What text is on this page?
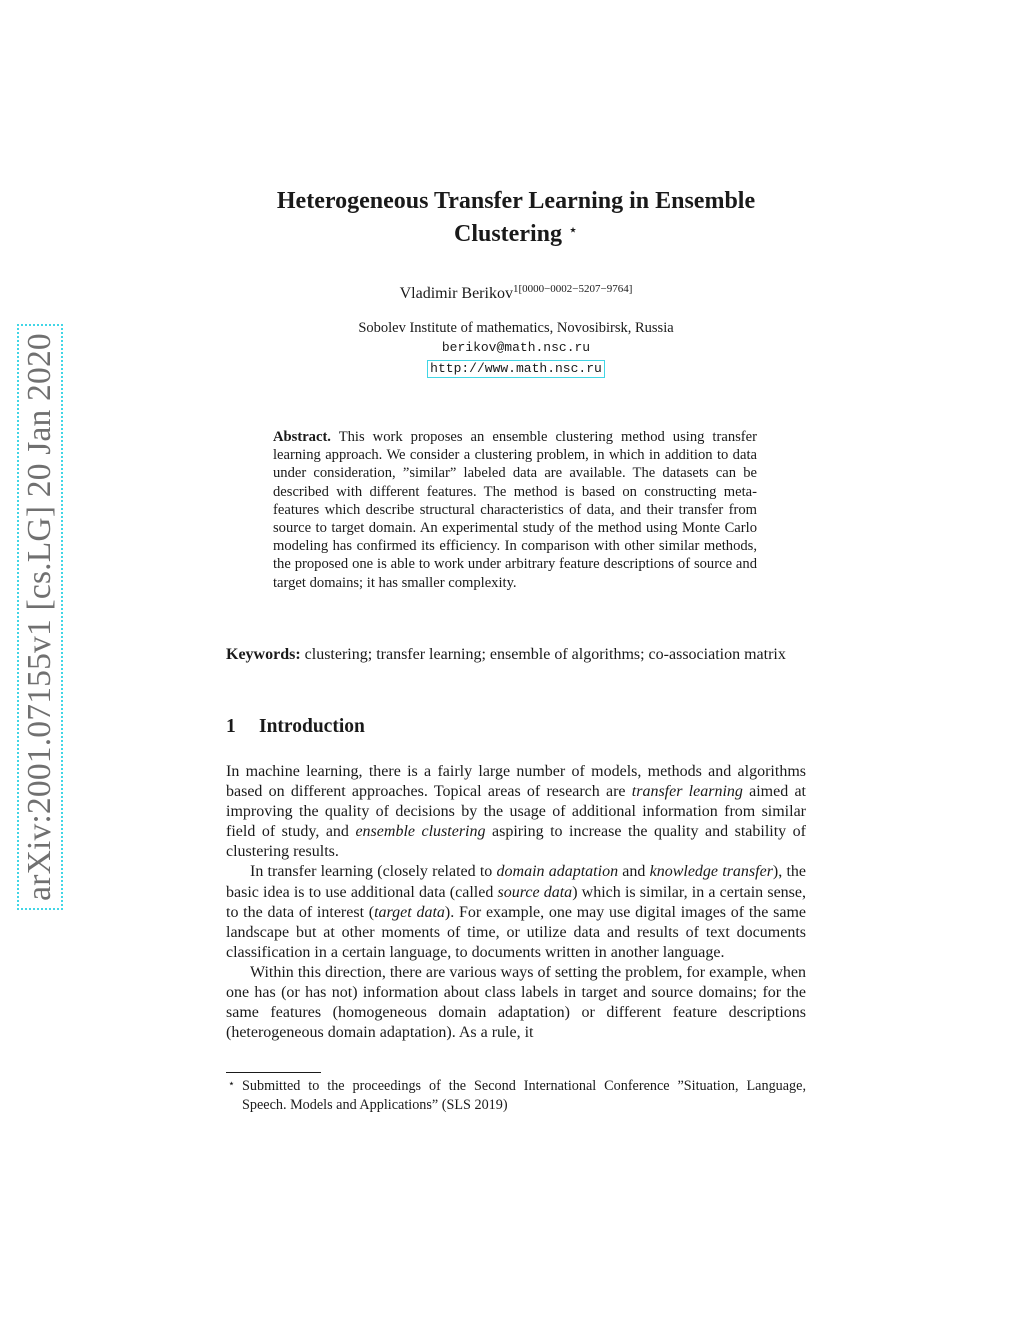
arXiv:2001.07155v1 [cs.LG] 20 Jan 2020
Heterogeneous Transfer Learning in Ensemble
Clustering ⋆
Vladimir Berikov$^{1[0000-0002-5207-9764]}$
Sobolev Institute of mathematics, Novosibirsk, Russia
berikov@math.nsc.ru
http://www.math.nsc.ru
Abstract. This work proposes an ensemble clustering method using transfer learning approach. We consider a clustering problem, in which in addition to data under consideration, ”similar” labeled data are available. The datasets can be described with different features. The method is based on constructing meta-features which describe structural characteristics of data, and their transfer from source to target domain. An experimental study of the method using Monte Carlo modeling has confirmed its efficiency. In comparison with other similar methods, the proposed one is able to work under arbitrary feature descriptions of source and target domains; it has smaller complexity.
Keywords: clustering; transfer learning; ensemble of algorithms; co-association matrix
1 Introduction

In machine learning, there is a fairly large number of models, methods and algorithms based on different approaches. Topical areas of research are transfer learning aimed at improving the quality of decisions by the usage of additional information from similar field of study, and ensemble clustering aspiring to increase the quality and stability of clustering results.

In transfer learning (closely related to domain adaptation and knowledge transfer), the basic idea is to use additional data (called source data) which is similar, in a certain sense, to the data of interest (target data). For example, one may use digital images of the same landscape but at other moments of time, or utilize data and results of text documents classification in a certain language, to documents written in another language.

Within this direction, there are various ways of setting the problem, for example, when one has (or has not) information about class labels in target and source domains; for the same features (homogeneous domain adaptation) or different feature descriptions (heterogeneous domain adaptation). As a rule, it

⋆ Submitted to the proceedings of the Second International Conference ”Situation, Language, Speech. Models and Applications” (SLS 2019)
